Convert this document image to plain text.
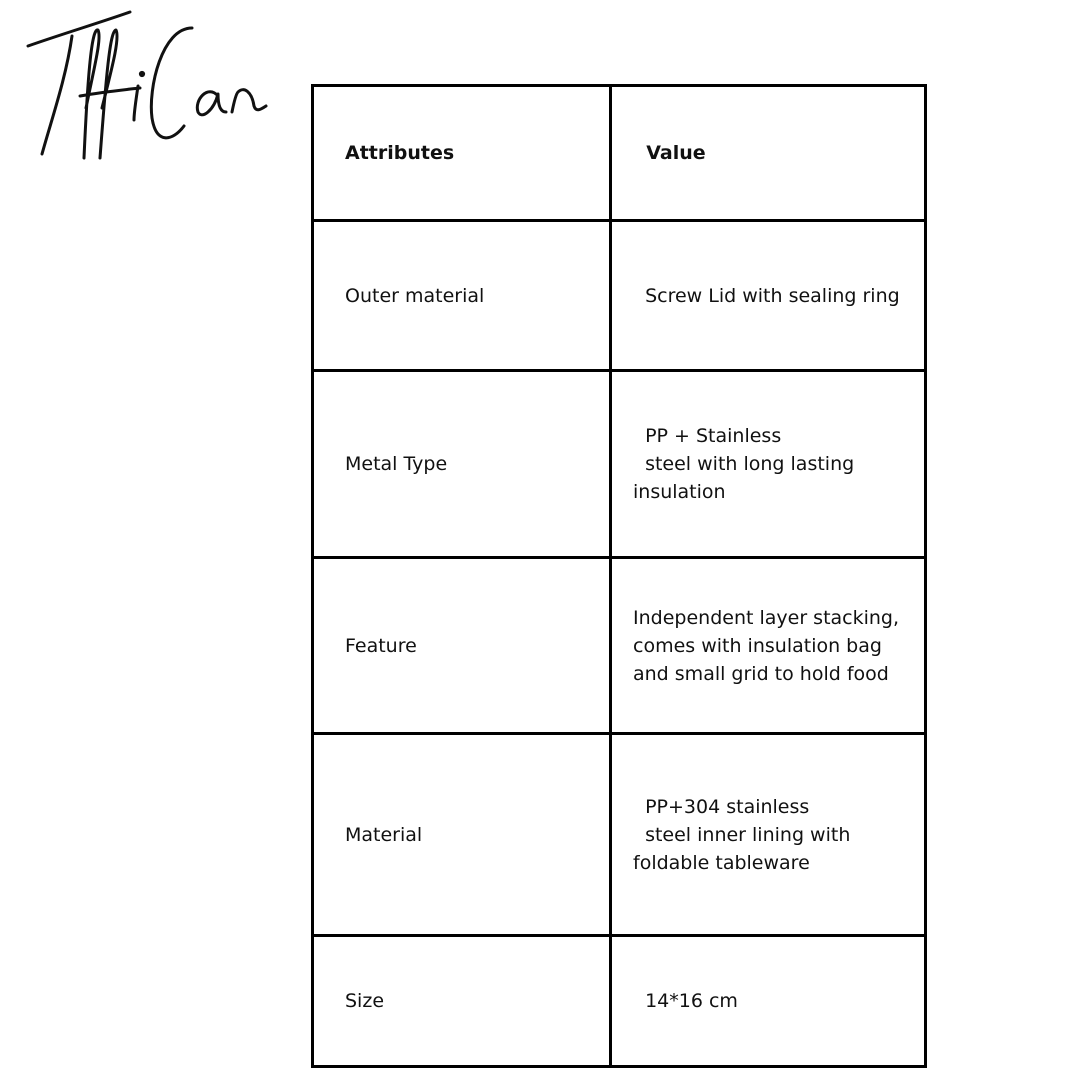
Attributes	Value

Outer material	Screw Lid with sealing ring

Metal Type	PP + Stainless
steel with long lasting
insulation

Feature	Independent layer stacking,
comes with insulation bag
and small grid to hold food

Material	PP+304 stainless
steel inner lining with
foldable tableware

Size	14*16 cm
